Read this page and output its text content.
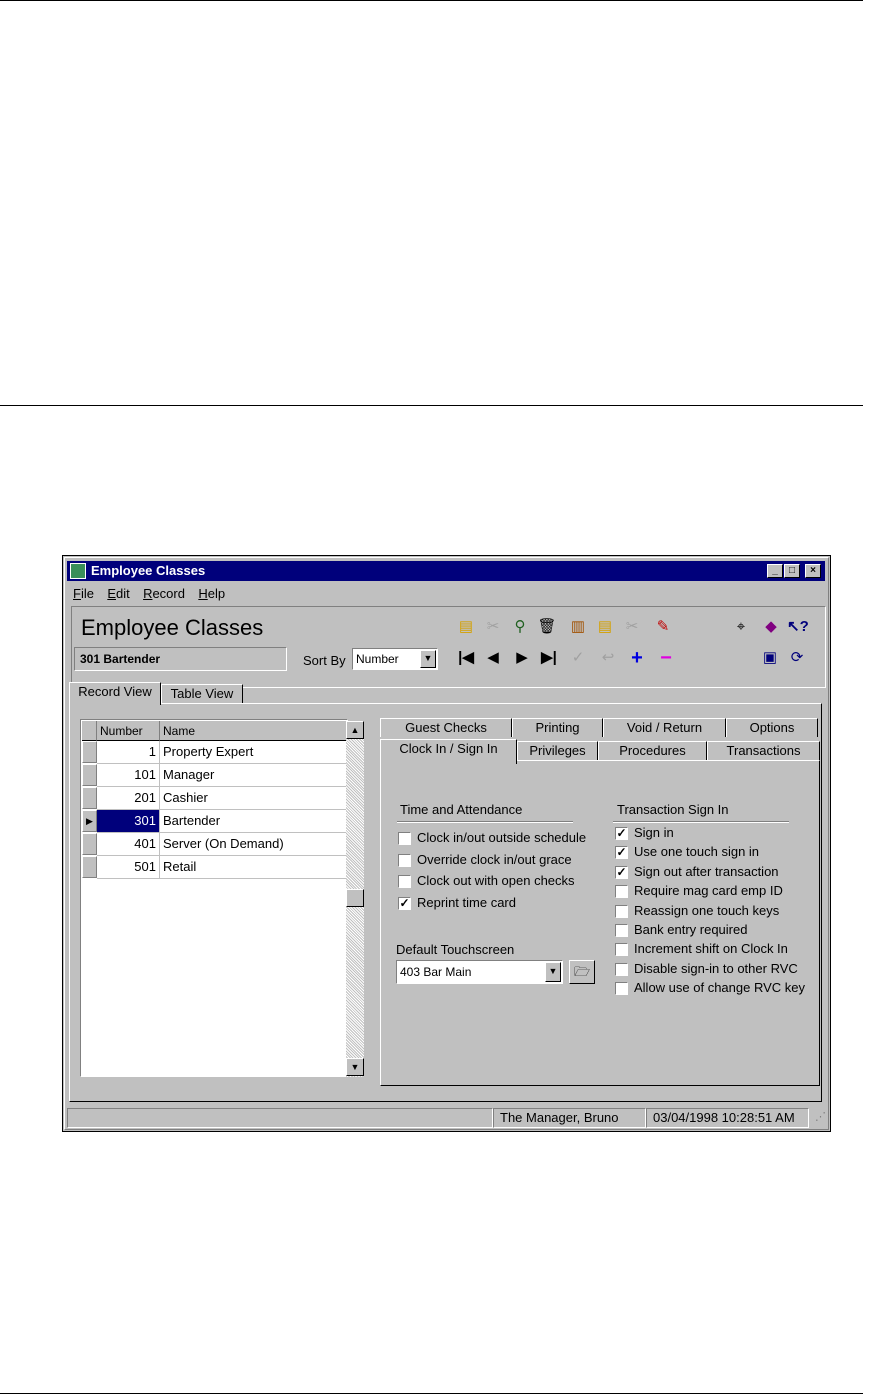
Employee Classes	_	□	×
File Edit Record Help
Employee Classes
301 Bartender	Sort By Number	▼
▤ ✂	⚲ 🗑 ▥ ▤ ✂ ✎	⌖	◆ ↖?
|◀ ◀ ▶ ▶| ✓ ↩ + −	▣ ⟳
Record View	Table View
Number	Name
1 Property Expert
101 Manager
201 Cashier
▶	301 Bartender
401 Server (On Demand)
501 Retail
▲
▼
Guest Checks	Printing	Void / Return	Options
Clock In / Sign In	Privileges	Procedures	Transactions
Time and Attendance
Clock in/out outside schedule
Override clock in/out grace
Clock out with open checks
✓ Reprint time card
Default Touchscreen
403 Bar Main	▼	🗁
Transaction Sign In
✓ Sign in
✓ Use one touch sign in
✓ Sign out after transaction
Require mag card emp ID
Reassign one touch keys
Bank entry required
Increment shift on Clock In
Disable sign-in to other RVC
Allow use of change RVC key
The Manager, Bruno	03/04/1998 10:28:51 AM	⋰
